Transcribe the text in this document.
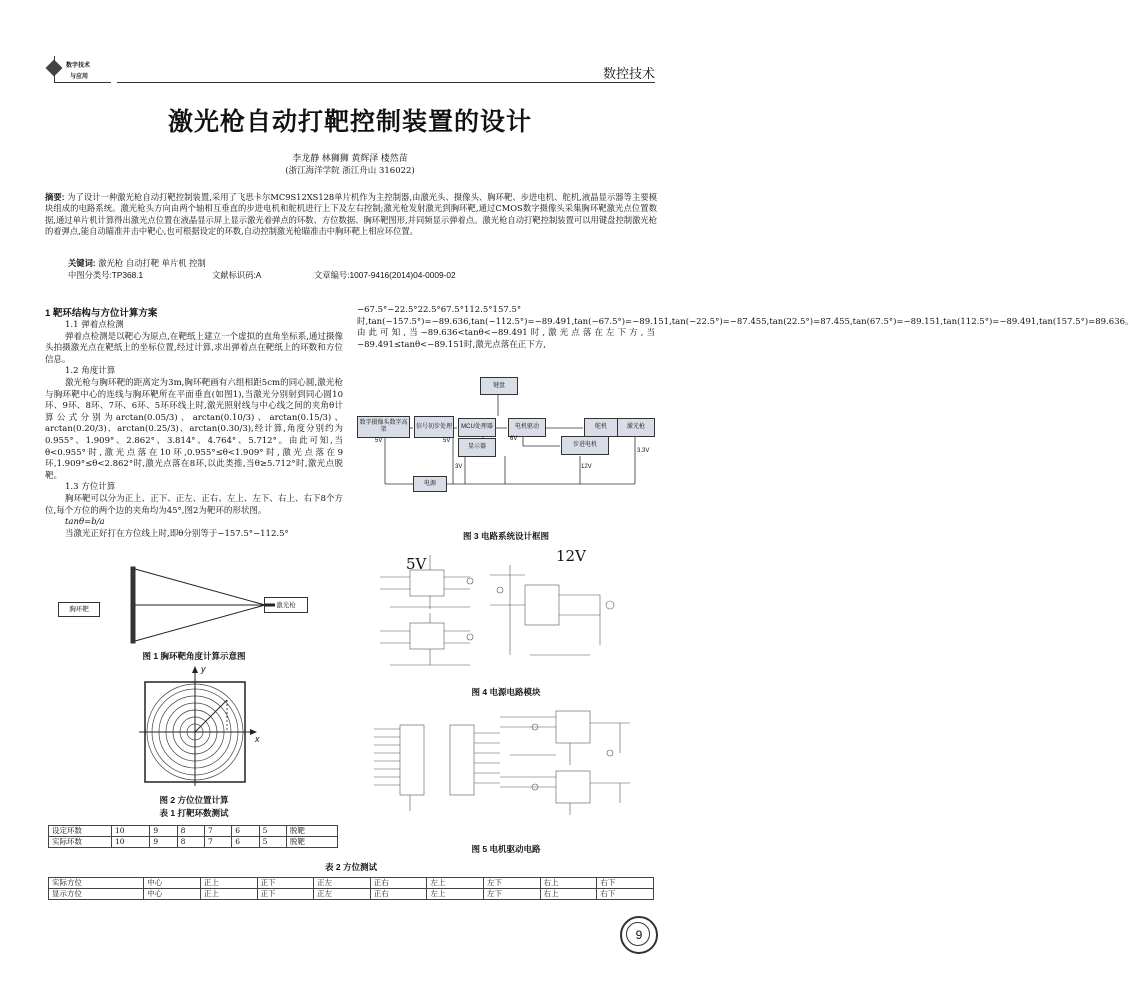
数字技术
与应用	数控技术
激光枪自动打靶控制装置的设计
李龙静 林狮狮 黄辉泽 楼然苗
(浙江海洋学院 浙江舟山 316022)
摘要: 为了设计一种激光枪自动打靶控制装置,采用了飞思卡尔MC9S12XS128单片机作为主控制器,由激光头、摄像头、胸环靶、步进电机、舵机,液晶显示器等主要模块组成的电路系统。激光枪头方向由两个轴相互垂直的步进电机和舵机进行上下及左右控制;激光枪发射激光到胸环靶,通过CMOS数字摄像头采集胸环靶激光点位置数据,通过单片机计算得出激光点位置在液晶显示屏上显示激光着弹点的环数、方位数据、胸环靶图形,并同频显示弹着点。激光枪自动打靶控制装置可以用键盘控制激光枪的着弹点,能自动瞄准并击中靶心,也可根据设定的环数,自动控制激光枪瞄准击中胸环靶上相应环位置。
关键词: 激光枪 自动打靶 单片机 控制
中图分类号:TP368.1	文献标识码:A	文章编号:1007-9416(2014)04-0009-02
1 靶环结构与方位计算方案
1.1 弹着点检测
弹着点检测是以靶心为原点,在靶纸上建立一个虚拟的直角坐标系,通过摄像头拍摄激光点在靶纸上的坐标位置,经过计算,求出弹着点在靶纸上的环数和方位信息。
1.2 角度计算
激光枪与胸环靶的距离定为3m,胸环靶画有六组相距5cm的同心圆,激光枪与胸环靶中心的连线与胸环靶所在平面垂直(如图1),当激光分别射到同心圆10环、9环、8环、7环、6环、5环环线上时,激光照射线与中心线之间的夹角θ计算公式分别为arctan(0.05/3)、arctan(0.10/3)、arctan(0.15/3)、arctan(0.20/3)、arctan(0.25/3)、arctan(0.30/3),经计算,角度分别约为0.955°、1.909°、2.862°、3.814°、4.764°、5.712°。由此可知,当θ<0.955°时,激光点落在10环,0.955°≤θ<1.909°时,激光点落在9环,1.909°≤θ<2.862°时,激光点落在8环,以此类推,当θ≥5.712°时,激光点脱靶。
1.3 方位计算
胸环靶可以分为正上、正下、正左、正右、左上、左下、右上、右下8个方位,每个方位的两个边的夹角均为45°,图2为靶环的形状图。
tanθ=b/a
当激光正好打在方位线上时,即θ分别等于−157.5°−112.5°
激光枪
胸环靶
图 1 胸环靶角度计算示意图
y
x
图 2 方位位置计算
表 1 打靶环数测试
设定环数	10	9	8	7	6	5	脱靶
实际环数	10	9	8	7	6	5	脱靶
−67.5°−22.5°22.5°67.5°112.5°157.5°时,tan(−157.5°)=−89.636,tan(−112.5°)=−89.491,tan(−67.5°)=−89.151,tan(−22.5°)=−87.455,tan(22.5°)=87.455,tan(67.5°)=−89.151,tan(112.5°)=−89.491,tan(157.5°)=89.636。由此可知,当−89.636<tanθ<−89.491时,激光点落在左下方,当−89.491≤tanθ<−89.151时,激光点落在正下方,
键盘
数字摄像头数字高架
信号初步处理	MCU处理器	电机驱动	舵机	激光枪
显示器	步进电机
电源
5V	5V	6V
3V	12V
3.3V
图 3 电路系统设计框图
5V	12V
图 4 电源电路模块
图 5 电机驱动电路
表 2 方位测试
实际方位	中心	正上	正下	正左	正右	左上	左下	右上	右下
显示方位	中心	正上	正下	正左	正右	左上	左下	右上	右下
9
